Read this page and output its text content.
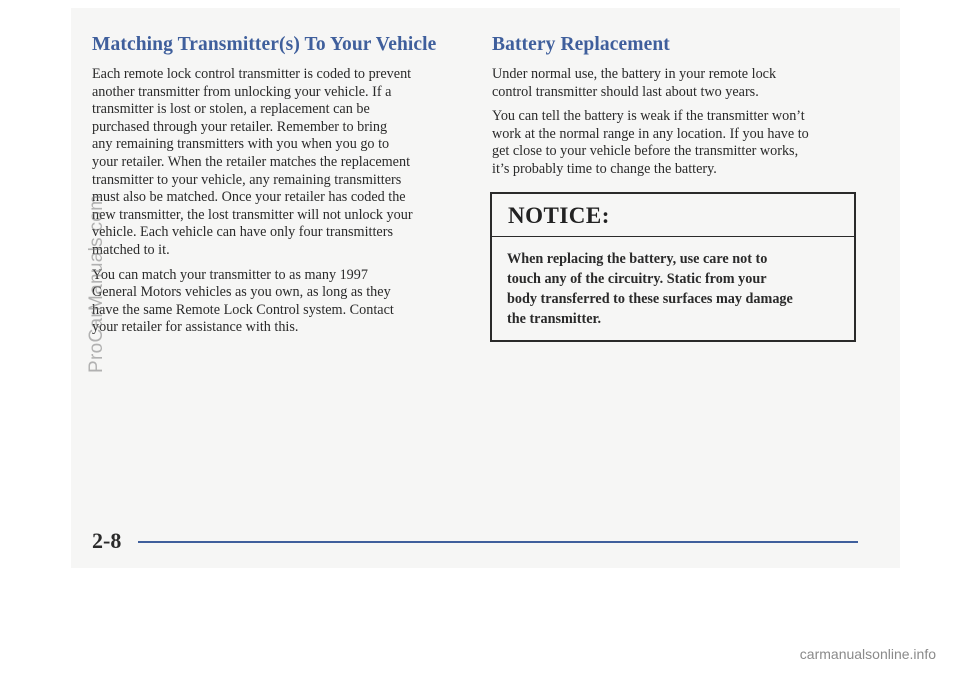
Matching Transmitter(s) To Your Vehicle

Each remote lock control transmitter is coded to prevent

another transmitter from unlocking your vehicle. If a

transmitter is lost or stolen, a replacement can be

purchased through your retailer. Remember to bring

any remaining transmitters with you when you go to

your retailer. When the retailer matches the replacement

transmitter to your vehicle, any remaining transmitters

must also be matched. Once your retailer has coded the

new transmitter, the lost transmitter will not unlock your

vehicle. Each vehicle can have only four transmitters

matched to it.

You can match your transmitter to as many 1997

General Motors vehicles as you own, as long as they

have the same Remote Lock Control system. Contact

your retailer for assistance with this.

Battery Replacement

Under normal use, the battery in your remote lock

control transmitter should last about two years.

You can tell the battery is weak if the transmitter won’t

work at the normal range in any location. If you have to

get close to your vehicle before the transmitter works,

it’s probably time to change the battery.

NOTICE:

When replacing the battery, use care not to

touch any of the circuitry. Static from your

body transferred to these surfaces may damage

the transmitter.

2-8
ProCarManuals.com
carmanualsonline.info
